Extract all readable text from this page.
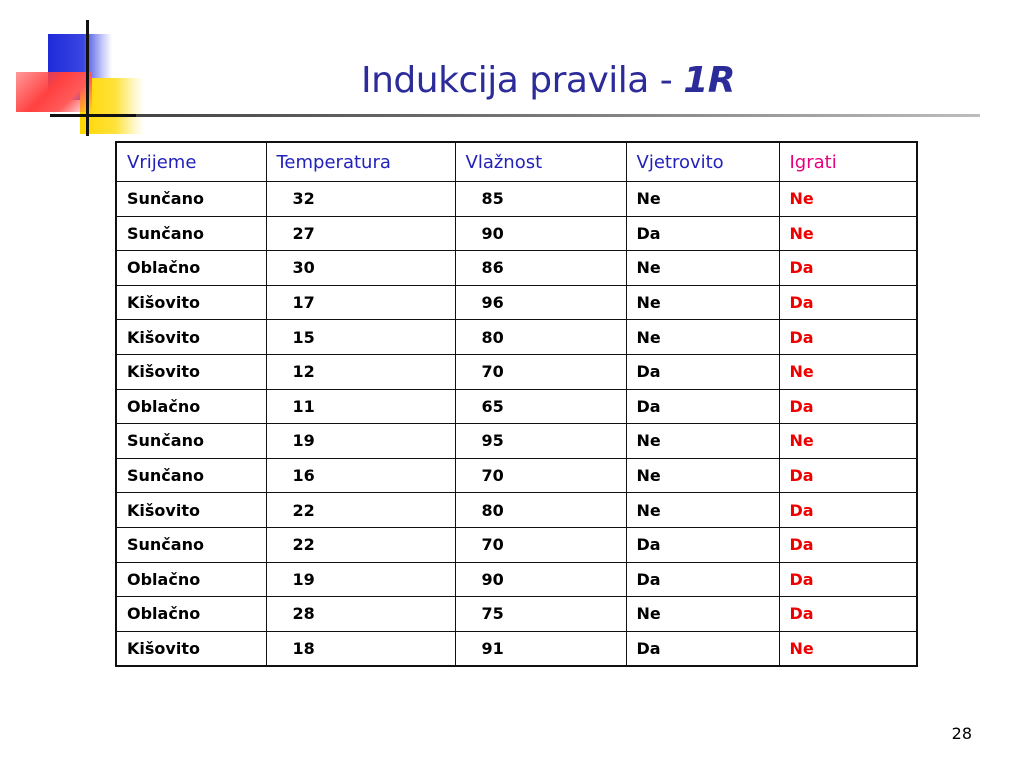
Indukcija pravila - 1R
Vrijeme	Temperatura	Vlažnost	Vjetrovito	Igrati
Sunčano	32	85	Ne	Ne
Sunčano	27	90	Da	Ne
Oblačno	30	86	Ne	Da
Kišovito	17	96	Ne	Da
Kišovito	15	80	Ne	Da
Kišovito	12	70	Da	Ne
Oblačno	11	65	Da	Da
Sunčano	19	95	Ne	Ne
Sunčano	16	70	Ne	Da
Kišovito	22	80	Ne	Da
Sunčano	22	70	Da	Da
Oblačno	19	90	Da	Da
Oblačno	28	75	Ne	Da
Kišovito	18	91	Da	Ne
28
